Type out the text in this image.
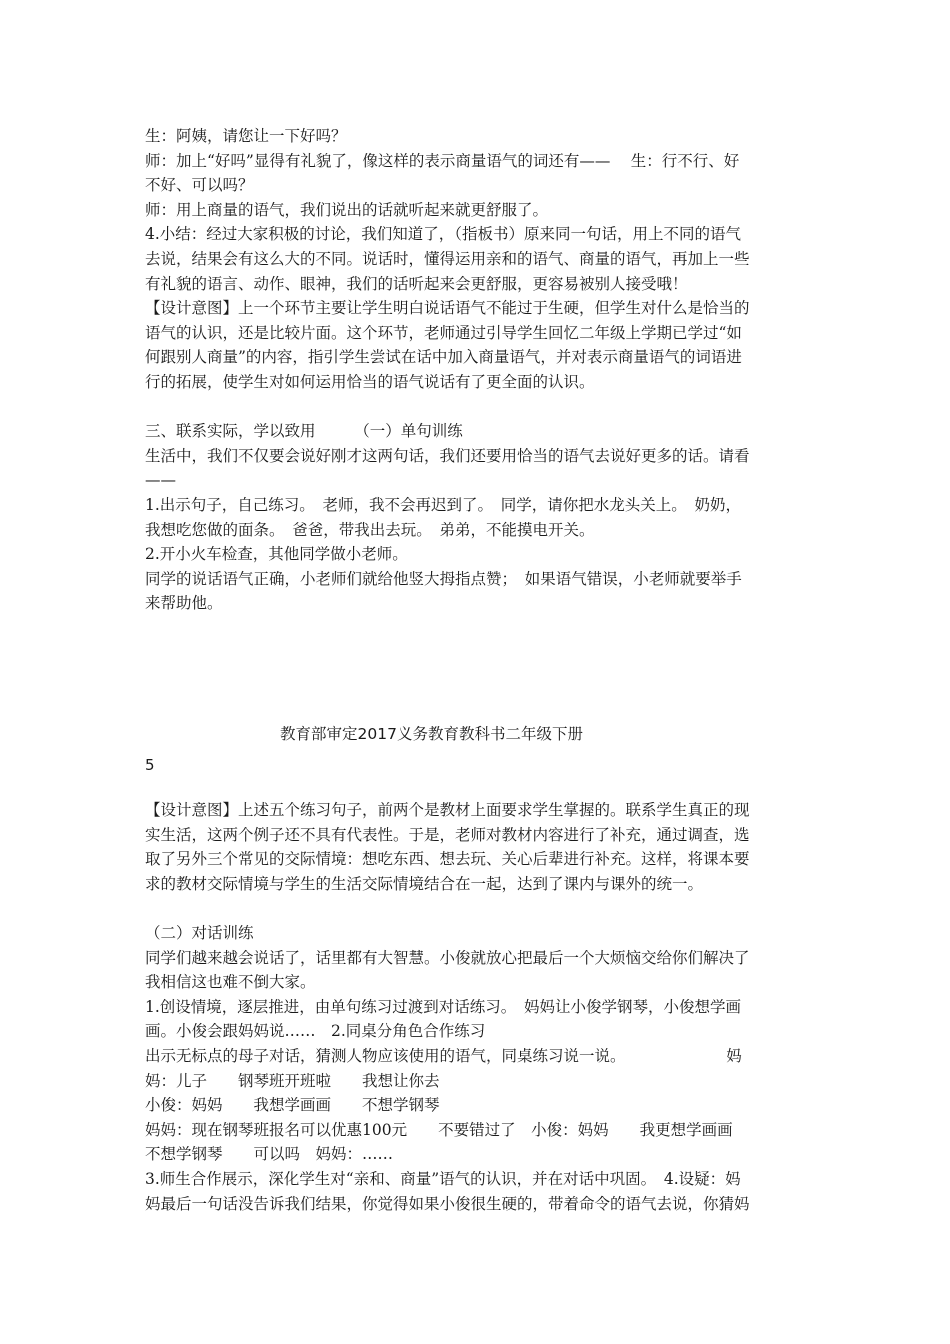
生：阿姨，请您让一下好吗？
师：加上“好吗”显得有礼貌了，像这样的表示商量语气的词还有——　 生：行不行、好
不好、可以吗？
师：用上商量的语气，我们说出的话就听起来就更舒服了。
4.小结：经过大家积极的讨论，我们知道了，（指板书）原来同一句话，用上不同的语气
去说，结果会有这么大的不同。说话时，懂得运用亲和的语气、商量的语气，再加上一些
有礼貌的语言、动作、眼神，我们的话听起来会更舒服，更容易被别人接受哦！
【设计意图】上一个环节主要让学生明白说话语气不能过于生硬，但学生对什么是恰当的
语气的认识，还是比较片面。这个环节，老师通过引导学生回忆二年级上学期已学过“如
何跟别人商量”的内容，指引学生尝试在话中加入商量语气，并对表示商量语气的词语进
行的拓展，使学生对如何运用恰当的语气说话有了更全面的认识。
三、联系实际，学以致用　　　（一）单句训练
生活中，我们不仅要会说好刚才这两句话，我们还要用恰当的语气去说好更多的话。请看
——
1.出示句子，自己练习。　老师，我不会再迟到了。　同学，请你把水龙头关上。　奶奶，
我想吃您做的面条。　爸爸，带我出去玩。　弟弟，不能摸电开关。
2.开小火车检查，其他同学做小老师。
同学的说话语气正确，小老师们就给他竖大拇指点赞；　如果语气错误，小老师就要举手
来帮助他。
教育部审定2017义务教育教科书二年级下册
5
【设计意图】上述五个练习句子，前两个是教材上面要求学生掌握的。联系学生真正的现
实生活，这两个例子还不具有代表性。于是，老师对教材内容进行了补充，通过调查，选
取了另外三个常见的交际情境：想吃东西、想去玩、关心后辈进行补充。这样，将课本要
求的教材交际情境与学生的生活交际情境结合在一起，达到了课内与课外的统一。
（二）对话训练
同学们越来越会说话了，话里都有大智慧。小俊就放心把最后一个大烦恼交给你们解决了
我相信这也难不倒大家。
1.创设情境，逐层推进，由单句练习过渡到对话练习。　妈妈让小俊学钢琴，小俊想学画
画。小俊会跟妈妈说……　2.同桌分角色合作练习
出示无标点的母子对话，猜测人物应该使用的语气，同桌练习说一说。　　　　　　　妈
妈：儿子　　钢琴班开班啦　　我想让你去
小俊：妈妈　　我想学画画　　不想学钢琴
妈妈：现在钢琴班报名可以优惠100元　　不要错过了　小俊：妈妈　　我更想学画画
不想学钢琴　　可以吗　妈妈：……
3.师生合作展示，深化学生对“亲和、商量”语气的认识，并在对话中巩固。　4.设疑：妈
妈最后一句话没告诉我们结果，你觉得如果小俊很生硬的，带着命令的语气去说，你猜妈
